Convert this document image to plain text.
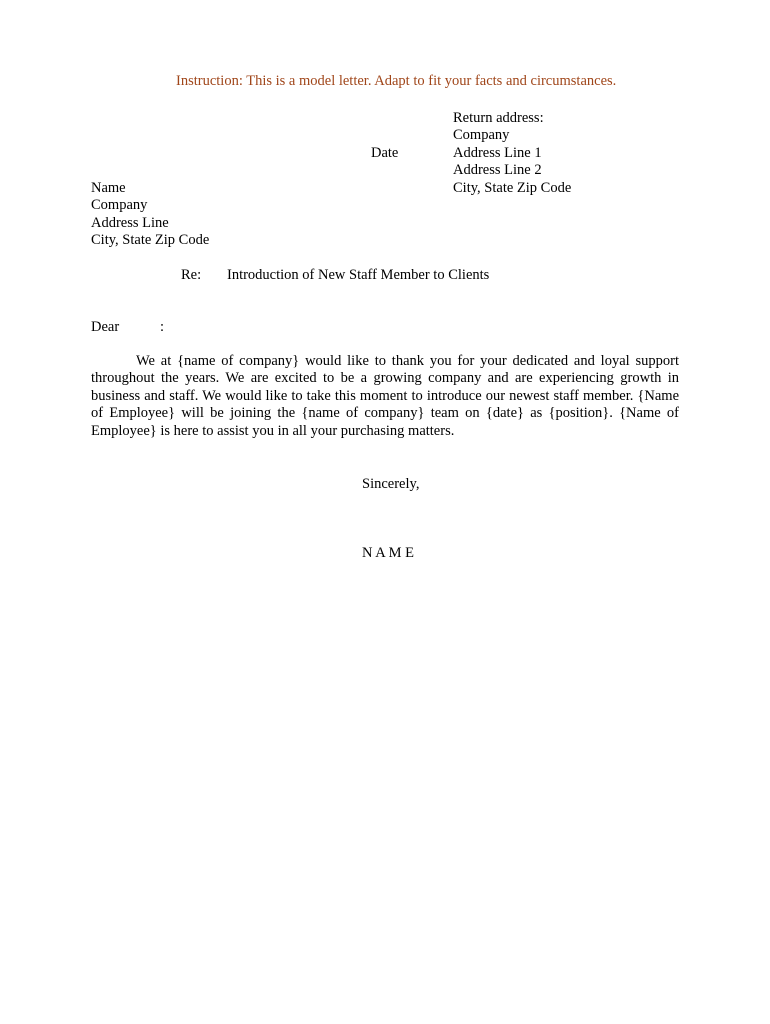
Instruction: This is a model letter. Adapt to fit your facts and circumstances.
Return address:
Company
Address Line 1
Address Line 2
City, State Zip Code
Date
Name
Company
Address Line
City, State Zip Code
Re: Introduction of New Staff Member to Clients
Dear	:
We at {name of company} would like to thank you for your dedicated and loyal support throughout the years. We are excited to be a growing company and are experiencing growth in business and staff. We would like to take this moment to introduce our newest staff member. {Name of Employee} will be joining the {name of company} team on {date} as {position}. {Name of Employee} is here to assist you in all your purchasing matters.
Sincerely,
N A M E
